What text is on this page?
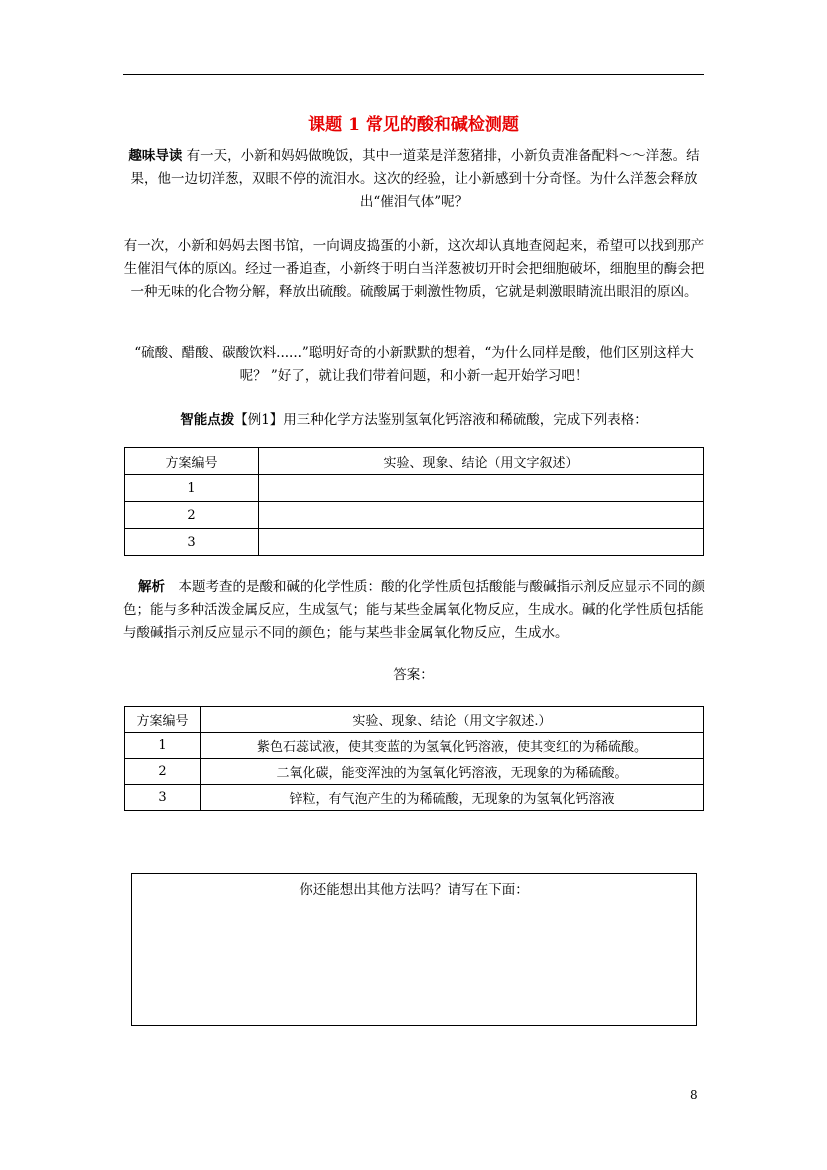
课题 1 常见的酸和碱检测题
趣味导读 有一天，小新和妈妈做晚饭，其中一道菜是洋葱猪排，小新负责准备配料～～洋葱。结果，他一边切洋葱，双眼不停的流泪水。这次的经验，让小新感到十分奇怪。为什么洋葱会释放出“催泪气体”呢？
有一次，小新和妈妈去图书馆，一向调皮捣蛋的小新，这次却认真地查阅起来，希望可以找到那产生催泪气体的原凶。经过一番追查，小新终于明白当洋葱被切开时会把细胞破坏，细胞里的酶会把一种无味的化合物分解，释放出硫酸。硫酸属于刺激性物质，它就是刺激眼睛流出眼泪的原凶。
“硫酸、醋酸、碳酸饮料......”聪明好奇的小新默默的想着，“为什么同样是酸，他们区别这样大呢？ ”好了，就让我们带着问题，和小新一起开始学习吧！
智能点拨【例1】用三种化学方法鉴别氢氧化钙溶液和稀硫酸，完成下列表格：
方案编号	实验、现象、结论（用文字叙述）
1	
2	
3	
解析　本题考查的是酸和碱的化学性质：酸的化学性质包括酸能与酸碱指示剂反应显示不同的颜色；能与多种活泼金属反应，生成氢气；能与某些金属氧化物反应，生成水。碱的化学性质包括能与酸碱指示剂反应显示不同的颜色；能与某些非金属氧化物反应，生成水。
答案：
方案编号	实验、现象、结论（用文字叙述.）
1	紫色石蕊试液，使其变蓝的为氢氧化钙溶液，使其变红的为稀硫酸。
2	二氧化碳，能变浑浊的为氢氧化钙溶液，无现象的为稀硫酸。
3	锌粒，有气泡产生的为稀硫酸，无现象的为氢氧化钙溶液
你还能想出其他方法吗？请写在下面：
8
